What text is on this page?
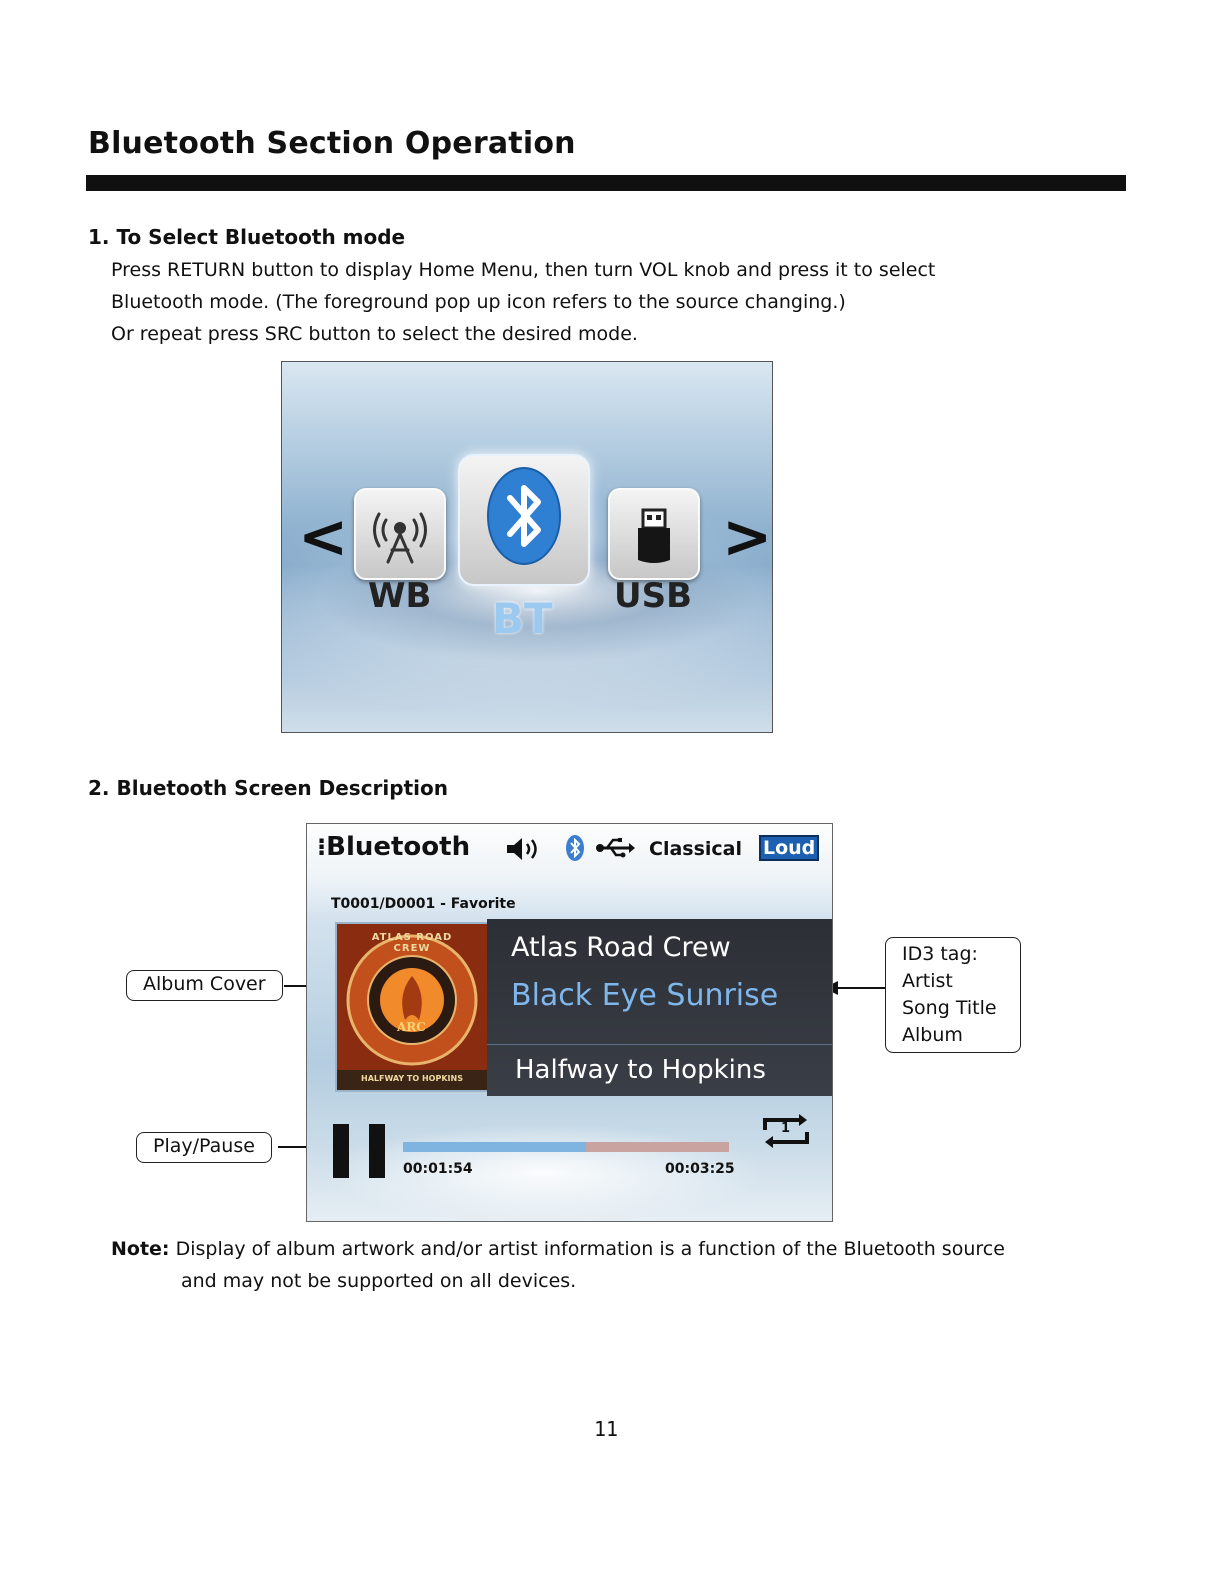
Bluetooth Section Operation
1. To Select Bluetooth mode
Press RETURN button to display Home Menu, then turn VOL knob and press it to select
Bluetooth mode. (The foreground pop up icon refers to the source changing.)
Or repeat press SRC button to select the desired mode.
<	>
WB BT USB
2. Bluetooth Screen Description
Album Cover
Play/Pause
ID3 tag:
Artist
Song Title
Album
⁝Bluetooth	Classical Loud
T0001/D0001 - Favorite
ATLAS ROAD CREW
ARC
HALFWAY TO HOPKINS
Atlas Road Crew
Black Eye Sunrise
Halfway to Hopkins
00:01:54	00:03:25
1
Note: Display of album artwork and/or artist information is a function of the Bluetooth source
and may not be supported on all devices.
11
